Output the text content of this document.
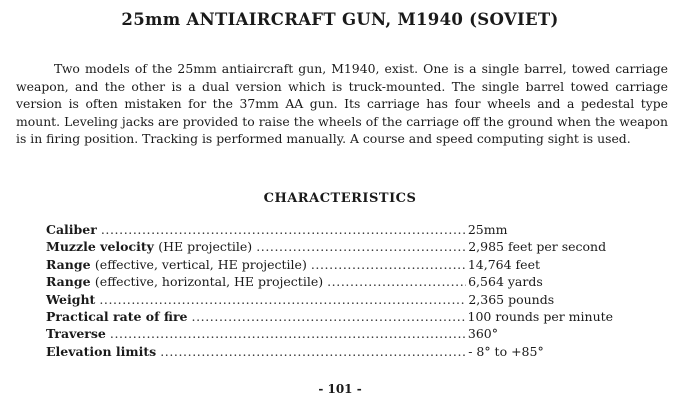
25mm ANTIAIRCRAFT GUN, M1940 (SOVIET)

Two models of the 25mm antiaircraft gun, M1940, exist. One is a single barrel, towed carriage weapon, and the other is a dual version which is truck-mounted. The single barrel towed carriage version is often mistaken for the 37mm AA gun. Its carriage has four wheels and a pedestal type mount. Leveling jacks are provided to raise the wheels of the carriage off the ground when the weapon is in firing position. Tracking is performed manually. A course and speed computing sight is used.

CHARACTERISTICS
Caliber .....	25mm
Muzzle velocity (HE projectile) .....	2,985 feet per second
Range (effective, vertical, HE projectile) .....	14,764 feet
Range (effective, horizontal, HE projectile) .....	6,564 yards
Weight .....	2,365 pounds
Practical rate of fire .....	100 rounds per minute
Traverse .....	360°
Elevation limits .....	- 8° to +85°
- 101 -
